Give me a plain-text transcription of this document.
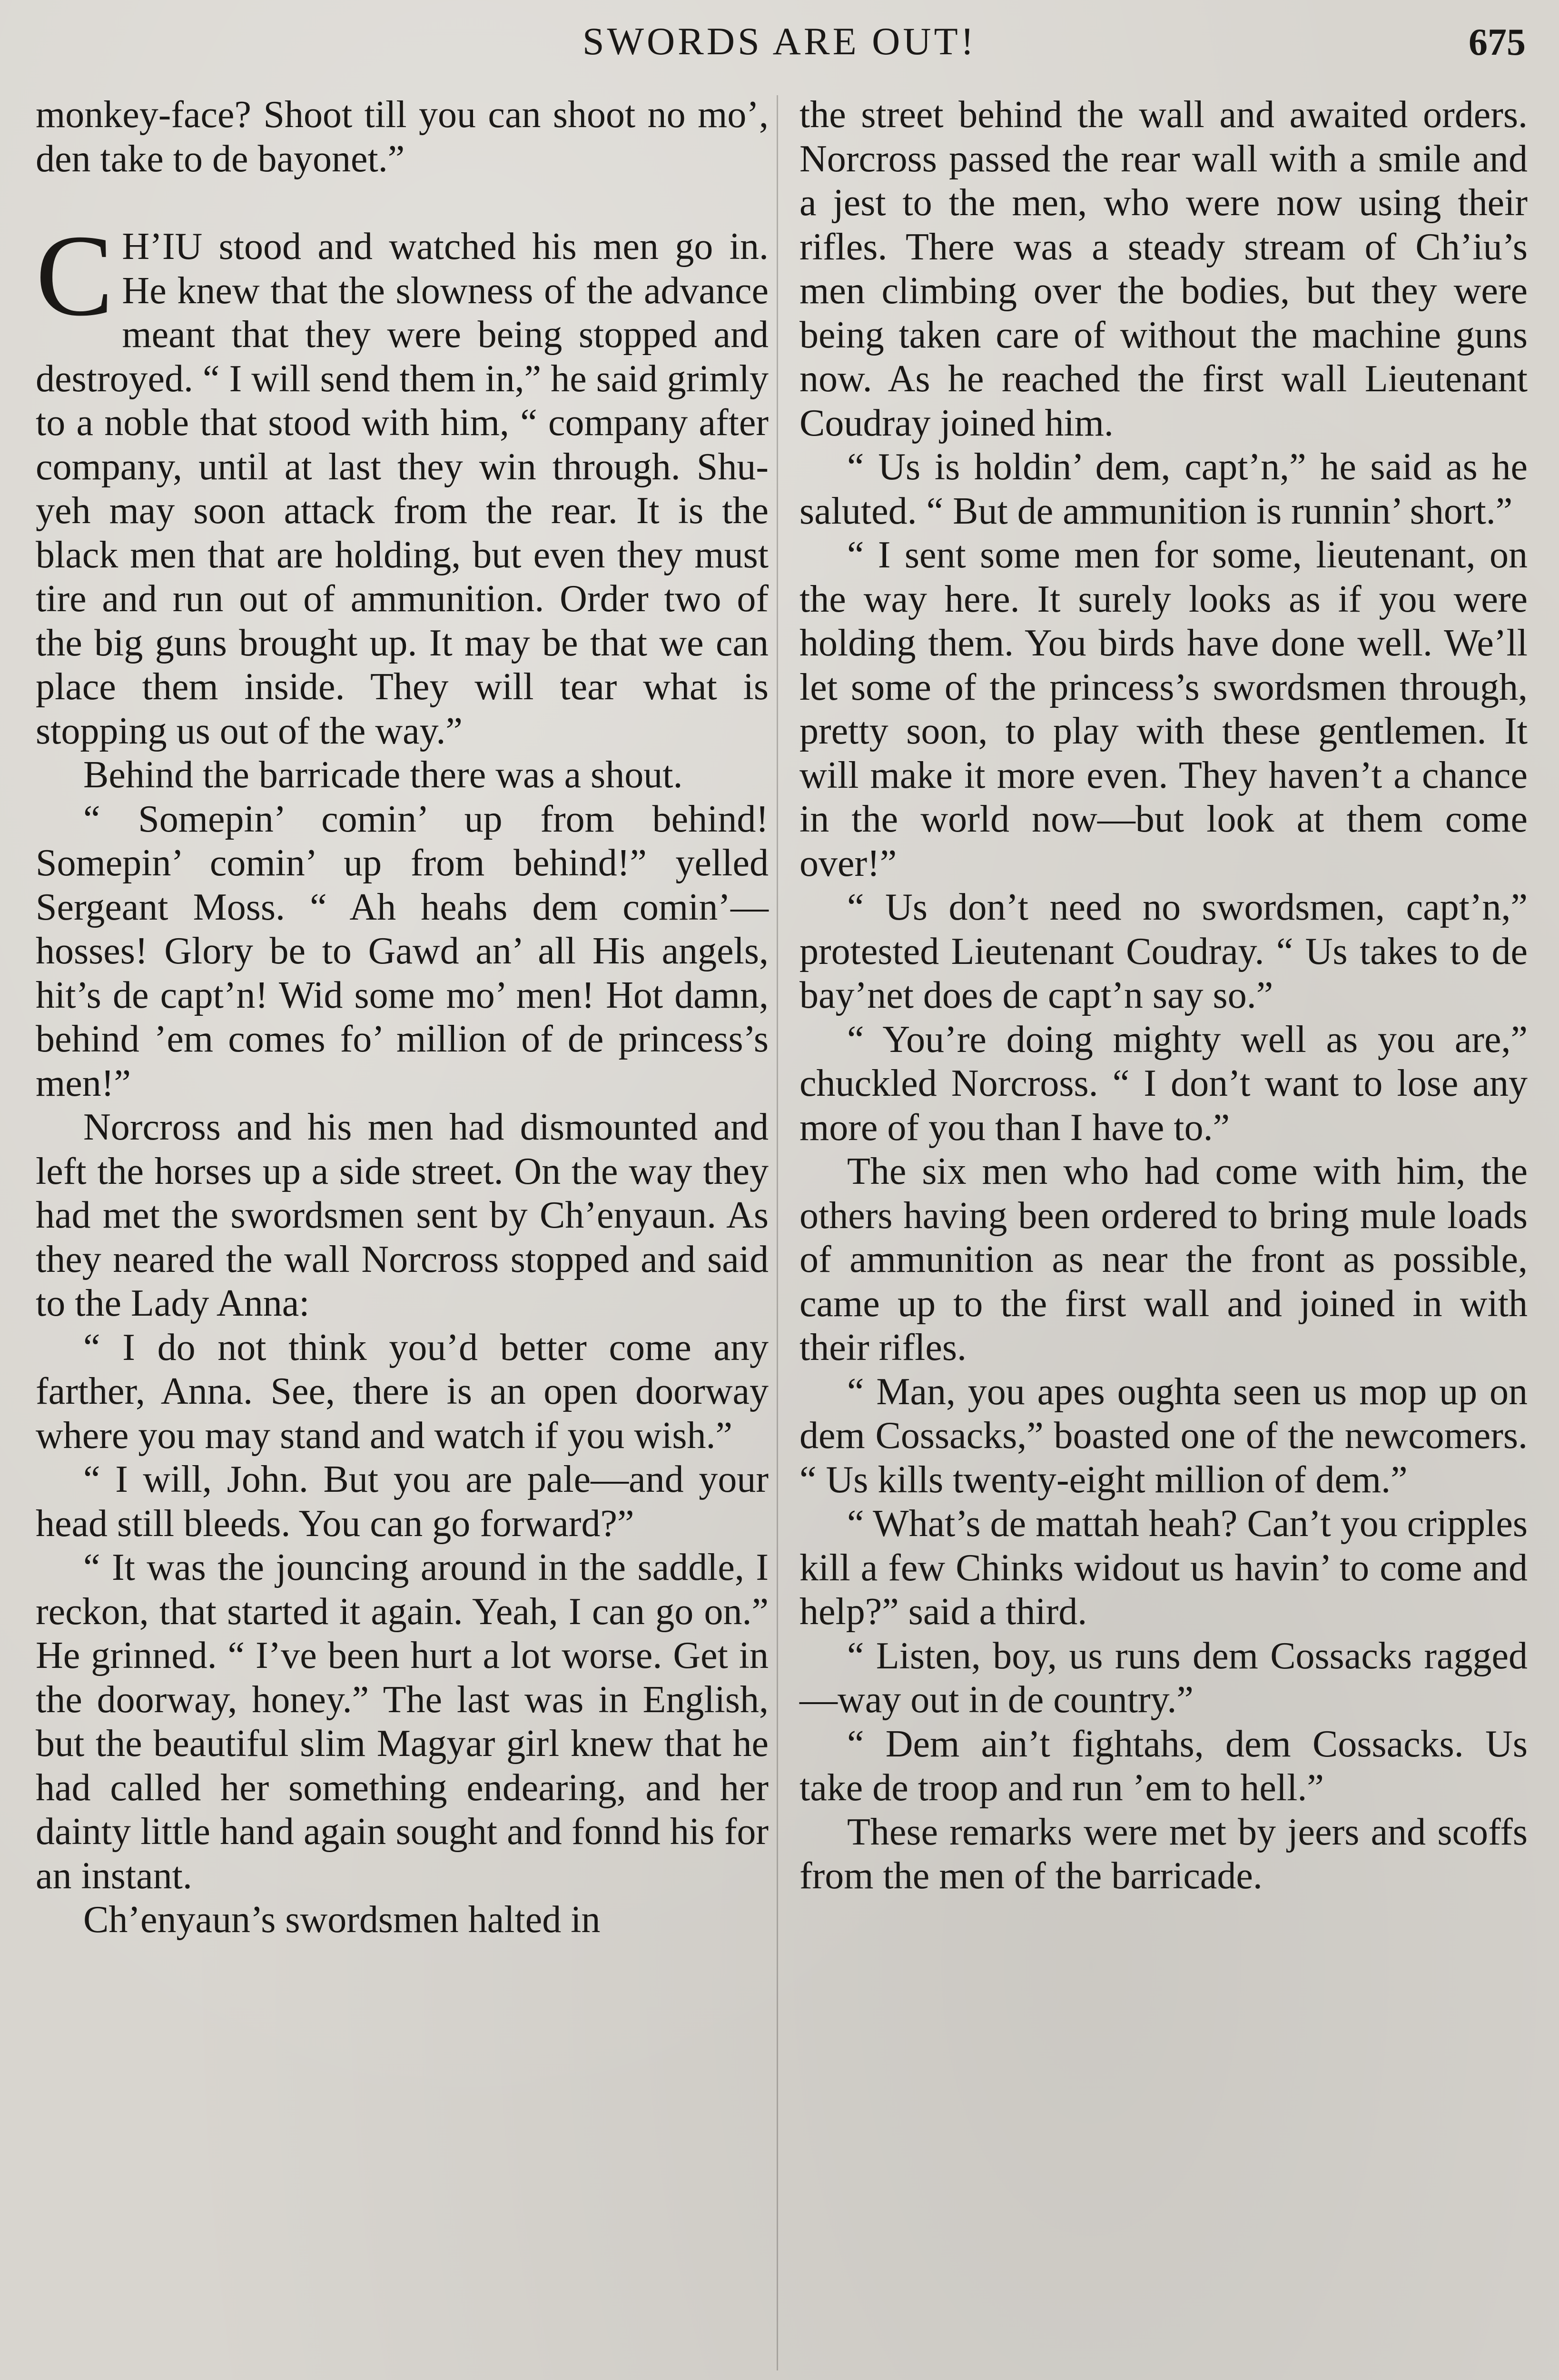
SWORDS ARE OUT!	675

monkey-face? Shoot till you can shoot no mo’, den take to de bayonet.”

C H’IU stood and watched his men go in. He knew that the slowness of the advance meant that they were being stopped and destroyed. “ I will send them in,” he said grimly to a noble that stood with him, “ company after company, until at last they win through. Shu-yeh may soon attack from the rear. It is the black men that are holding, but even they must tire and run out of ammunition. Order two of the big guns brought up. It may be that we can place them inside. They will tear what is stopping us out of the way.”

Behind the barricade there was a shout.

“ Somepin’ comin’ up from behind! Somepin’ comin’ up from behind!” yelled Sergeant Moss. “ Ah heahs dem comin’—hosses! Glory be to Gawd an’ all His angels, hit’s de capt’n! Wid some mo’ men! Hot damn, behind ’em comes fo’ million of de princess’s men!”

Norcross and his men had dismounted and left the horses up a side street. On the way they had met the swordsmen sent by Ch’enyaun. As they neared the wall Norcross stopped and said to the Lady Anna:

“ I do not think you’d better come any farther, Anna. See, there is an open doorway where you may stand and watch if you wish.”

“ I will, John. But you are pale—and your head still bleeds. You can go forward?”

“ It was the jouncing around in the saddle, I reckon, that started it again. Yeah, I can go on.” He grinned. “ I’ve been hurt a lot worse. Get in the doorway, honey.” The last was in English, but the beautiful slim Magyar girl knew that he had called her something endearing, and her dainty little hand again sought and fonnd his for an instant.

Ch’enyaun’s swordsmen halted in

the street behind the wall and awaited orders. Norcross passed the rear wall with a smile and a jest to the men, who were now using their rifles. There was a steady stream of Ch’iu’s men climbing over the bodies, but they were being taken care of without the machine guns now. As he reached the first wall Lieutenant Coudray joined him.

“ Us is holdin’ dem, capt’n,” he said as he saluted. “ But de ammunition is runnin’ short.”

“ I sent some men for some, lieutenant, on the way here. It surely looks as if you were holding them. You birds have done well. We’ll let some of the princess’s swordsmen through, pretty soon, to play with these gentlemen. It will make it more even. They haven’t a chance in the world now—but look at them come over!”

“ Us don’t need no swordsmen, capt’n,” protested Lieutenant Coudray. “ Us takes to de bay’net does de capt’n say so.”

“ You’re doing mighty well as you are,” chuckled Norcross. “ I don’t want to lose any more of you than I have to.”

The six men who had come with him, the others having been ordered to bring mule loads of ammunition as near the front as possible, came up to the first wall and joined in with their rifles.

“ Man, you apes oughta seen us mop up on dem Cossacks,” boasted one of the newcomers. “ Us kills twenty-eight million of dem.”

“ What’s de mattah heah? Can’t you cripples kill a few Chinks widout us havin’ to come and help?” said a third.

“ Listen, boy, us runs dem Cossacks ragged—way out in de country.”

“ Dem ain’t fightahs, dem Cossacks. Us take de troop and run ’em to hell.”

These remarks were met by jeers and scoffs from the men of the barricade.
